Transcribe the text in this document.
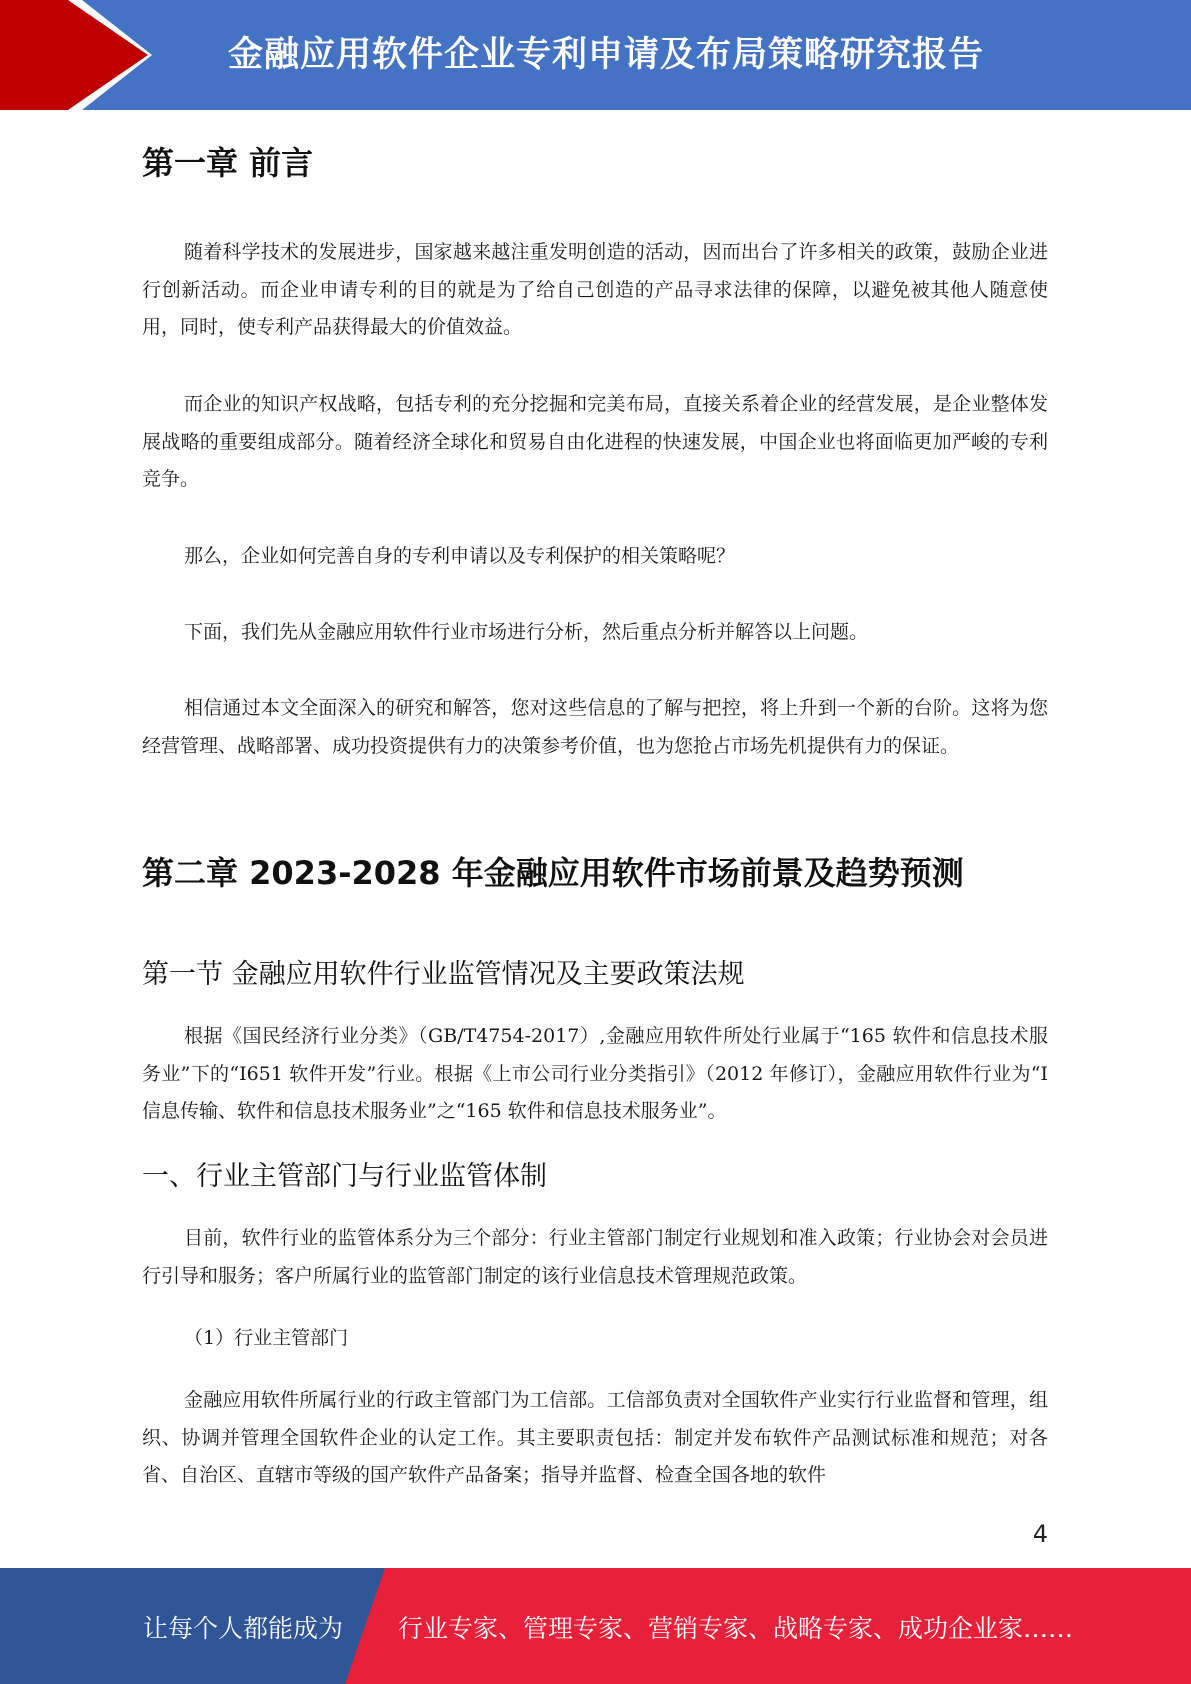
金融应用软件企业专利申请及布局策略研究报告
第一章 前言

随着科学技术的发展进步，国家越来越注重发明创造的活动，因而出台了许多相关的政策，鼓励企业进行创新活动。而企业申请专利的目的就是为了给自己创造的产品寻求法律的保障，以避免被其他人随意使用，同时，使专利产品获得最大的价值效益。

而企业的知识产权战略，包括专利的充分挖掘和完美布局，直接关系着企业的经营发展，是企业整体发展战略的重要组成部分。随着经济全球化和贸易自由化进程的快速发展，中国企业也将面临更加严峻的专利竞争。

那么，企业如何完善自身的专利申请以及专利保护的相关策略呢？

下面，我们先从金融应用软件行业市场进行分析，然后重点分析并解答以上问题。

相信通过本文全面深入的研究和解答，您对这些信息的了解与把控，将上升到一个新的台阶。这将为您经营管理、战略部署、成功投资提供有力的决策参考价值，也为您抢占市场先机提供有力的保证。

第二章 2023-2028 年金融应用软件市场前景及趋势预测
第一节 金融应用软件行业监管情况及主要政策法规

根据《国民经济行业分类》（GB/T4754-2017）,金融应用软件所处行业属于“165 软件和信息技术服务业”下的“I651 软件开发”行业。根据《上市公司行业分类指引》（2012 年修订），金融应用软件行业为“I 信息传输、软件和信息技术服务业”之“165 软件和信息技术服务业”。

一、行业主管部门与行业监管体制

目前，软件行业的监管体系分为三个部分：行业主管部门制定行业规划和准入政策；行业协会对会员进行引导和服务；客户所属行业的监管部门制定的该行业信息技术管理规范政策。

（1）行业主管部门

金融应用软件所属行业的行政主管部门为工信部。工信部负责对全国软件产业实行行业监督和管理，组织、协调并管理全国软件企业的认定工作。其主要职责包括：制定并发布软件产品测试标准和规范；对各省、自治区、直辖市等级的国产软件产品备案；指导并监督、检查全国各地的软件

4
让每个人都能成为 行业专家、管理专家、营销专家、战略专家、成功企业家……
